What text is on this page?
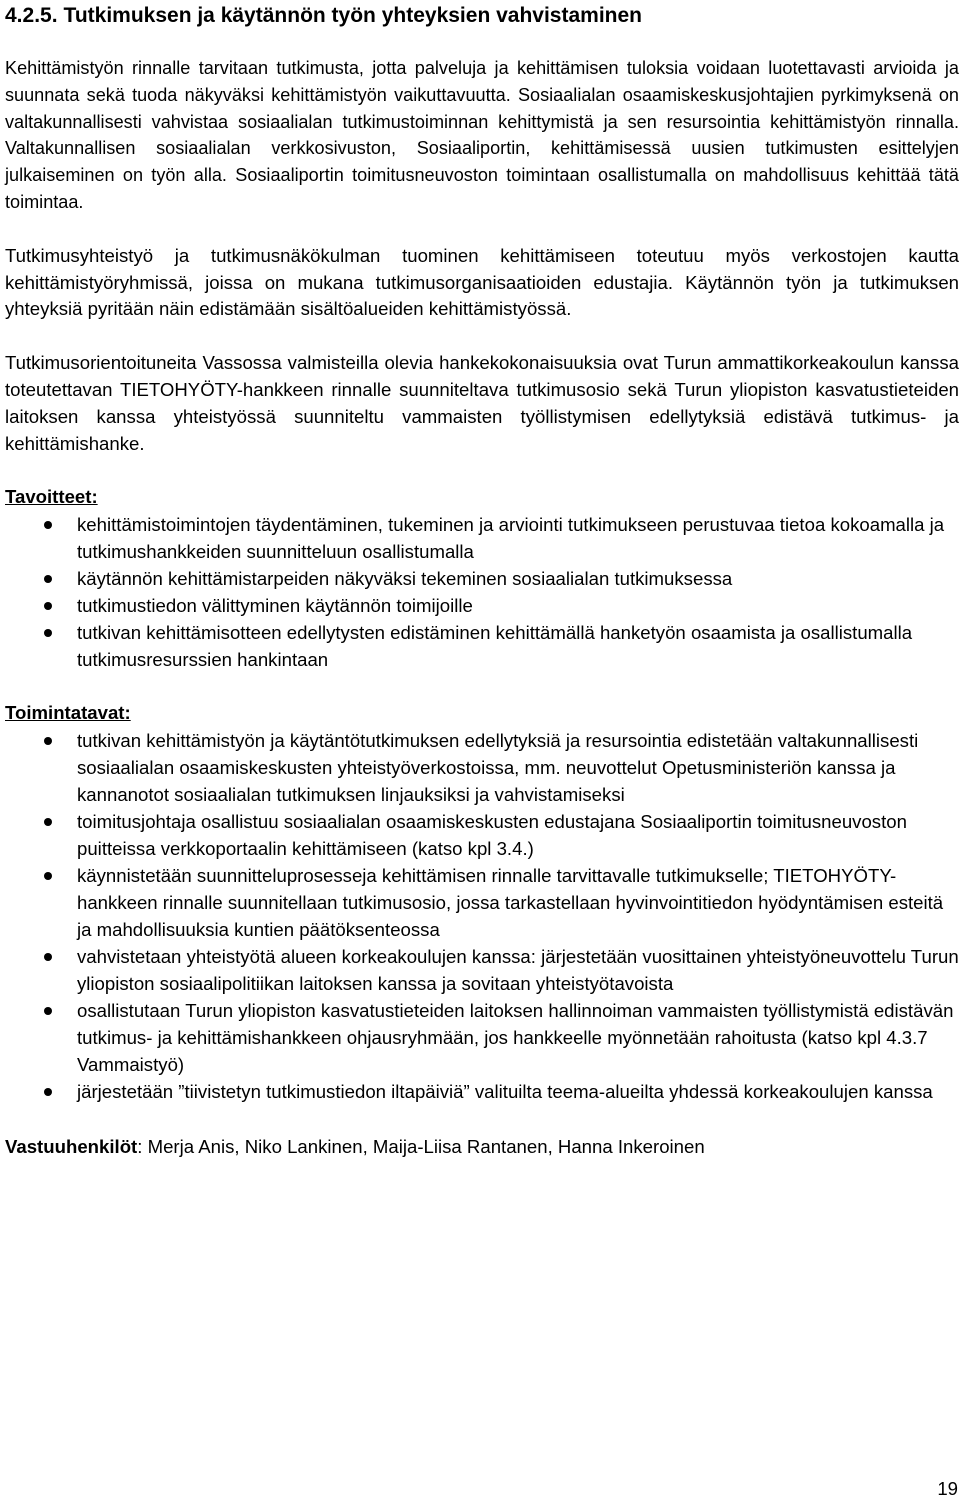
4.2.5. Tutkimuksen ja käytännön työn yhteyksien vahvistaminen

Kehittämistyön rinnalle tarvitaan tutkimusta, jotta palveluja ja kehittämisen tuloksia voidaan luotettavasti arvioida ja suunnata sekä tuoda näkyväksi kehittämistyön vaikuttavuutta. Sosiaalialan osaamiskeskusjohtajien pyrkimyksenä on valtakunnallisesti vahvistaa sosiaalialan tutkimustoiminnan kehittymistä ja sen resursointia kehittämistyön rinnalla. Valtakunnallisen sosiaalialan verkkosivuston, Sosiaaliportin, kehittämisessä uusien tutkimusten esittelyjen julkaiseminen on työn alla. Sosiaaliportin toimitusneuvoston toimintaan osallistumalla on mahdollisuus kehittää tätä toimintaa.

Tutkimusyhteistyö ja tutkimusnäkökulman tuominen kehittämiseen toteutuu myös verkostojen kautta kehittämistyöryhmissä, joissa on mukana tutkimusorganisaatioiden edustajia. Käytännön työn ja tutkimuksen yhteyksiä pyritään näin edistämään sisältöalueiden kehittämistyössä.

Tutkimusorientoituneita Vassossa valmisteilla olevia hankekokonaisuuksia ovat Turun ammattikorkeakoulun kanssa toteutettavan TIETOHYÖTY-hankkeen rinnalle suunniteltava tutkimusosio sekä Turun yliopiston kasvatustieteiden laitoksen kanssa yhteistyössä suunniteltu vammaisten työllistymisen edellytyksiä edistävä tutkimus- ja kehittämishanke.

Tavoitteet:
kehittämistoimintojen täydentäminen, tukeminen ja arviointi tutkimukseen perustuvaa tietoa kokoamalla ja tutkimushankkeiden suunnitteluun osallistumalla
käytännön kehittämistarpeiden näkyväksi tekeminen sosiaalialan tutkimuksessa
tutkimustiedon välittyminen käytännön toimijoille
tutkivan kehittämisotteen edellytysten edistäminen kehittämällä hanketyön osaamista ja osallistumalla tutkimusresurssien hankintaan
Toimintatavat:
tutkivan kehittämistyön ja käytäntötutkimuksen edellytyksiä ja resursointia edistetään valtakunnallisesti sosiaalialan osaamiskeskusten yhteistyöverkostoissa, mm. neuvottelut Opetusministeriön kanssa ja kannanotot sosiaalialan tutkimuksen linjauksiksi ja vahvistamiseksi
toimitusjohtaja osallistuu sosiaalialan osaamiskeskusten edustajana Sosiaaliportin toimitusneuvoston puitteissa verkkoportaalin kehittämiseen (katso kpl 3.4.)
käynnistetään suunnitteluprosesseja kehittämisen rinnalle tarvittavalle tutkimukselle; TIETOHYÖTY-hankkeen rinnalle suunnitellaan tutkimusosio, jossa tarkastellaan hyvinvointitiedon hyödyntämisen esteitä ja mahdollisuuksia kuntien päätöksenteossa
vahvistetaan yhteistyötä alueen korkeakoulujen kanssa: järjestetään vuosittainen yhteistyöneuvottelu Turun yliopiston sosiaalipolitiikan laitoksen kanssa ja sovitaan yhteistyötavoista
osallistutaan Turun yliopiston kasvatustieteiden laitoksen hallinnoiman vammaisten työllistymistä edistävän tutkimus- ja kehittämishankkeen ohjausryhmään, jos hankkeelle myönnetään rahoitusta (katso kpl 4.3.7 Vammaistyö)
järjestetään ”tiivistetyn tutkimustiedon iltapäiviä” valituilta teema-alueilta yhdessä korkeakoulujen kanssa
Vastuuhenkilöt: Merja Anis, Niko Lankinen, Maija-Liisa Rantanen, Hanna Inkeroinen
19
